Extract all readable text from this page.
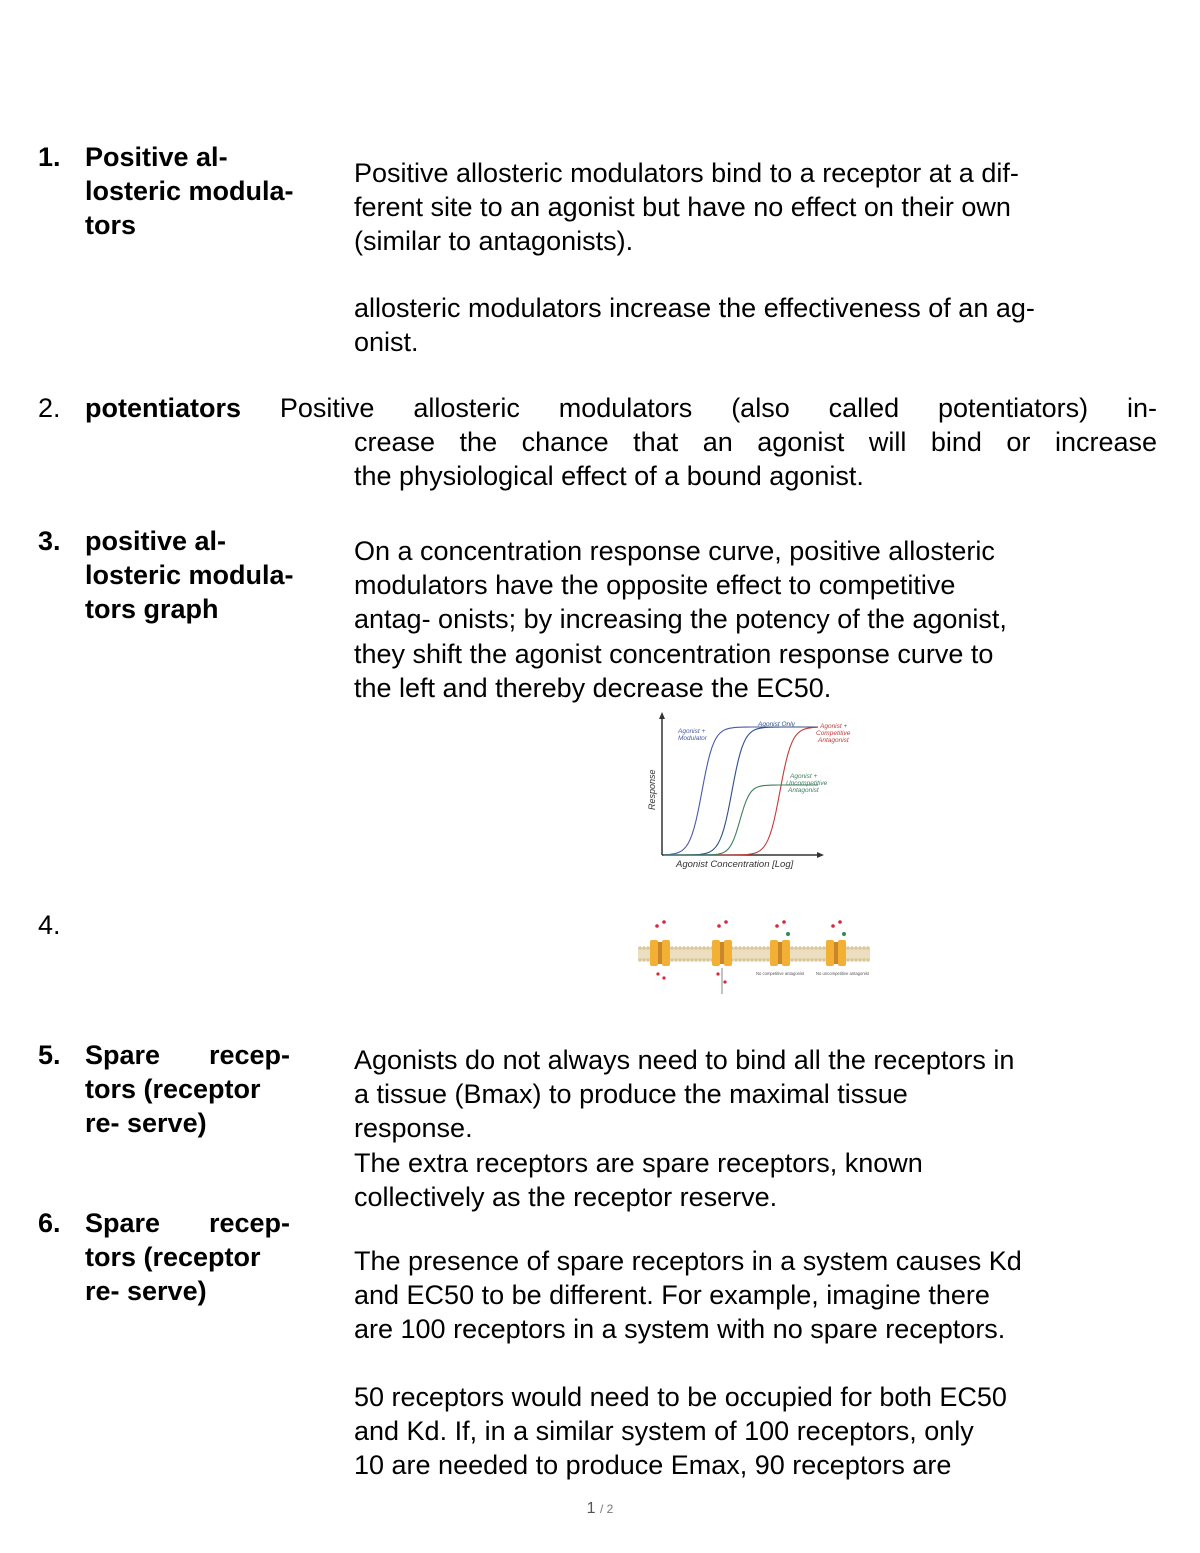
1. Positive al-
losteric modula-
tors

Positive allosteric modulators bind to a receptor at a dif-

ferent site to an agonist but have no effect on their own

(similar to antagonists).

allosteric modulators increase the effectiveness of an ag-

onist.

2. potentiators Positive allosteric modulators (also called potentiators) in-
crease the chance that an agonist will bind or increase
the physiological effect of a bound agonist.
3. positive al-
losteric modula-
tors graph

On a concentration response curve, positive allosteric

modulators have the opposite effect to competitive

antag- onists; by increasing the potency of the agonist,

they shift the agonist concentration response curve to

the left and thereby decrease the EC50.

Response
Agonist Concentration [Log]
Agonist + Modulator
Agonist Only	Agonist + Competitive Antagonist
Agonist + Uncompetitive Antagonist
4.
No competitive antagonist	No uncompetitive antagonist
5. Spare recep-
tors (receptor
re- serve)

Agonists do not always need to bind all the receptors in

a tissue (Bmax) to produce the maximal tissue

response.

The extra receptors are spare receptors, known

collectively as the receptor reserve.

6. Spare recep-
tors (receptor
re- serve)

The presence of spare receptors in a system causes Kd

and EC50 to be different. For example, imagine there

are 100 receptors in a system with no spare receptors.

50 receptors would need to be occupied for both EC50

and Kd. If, in a similar system of 100 receptors, only

10 are needed to produce Emax, 90 receptors are

1 / 2
